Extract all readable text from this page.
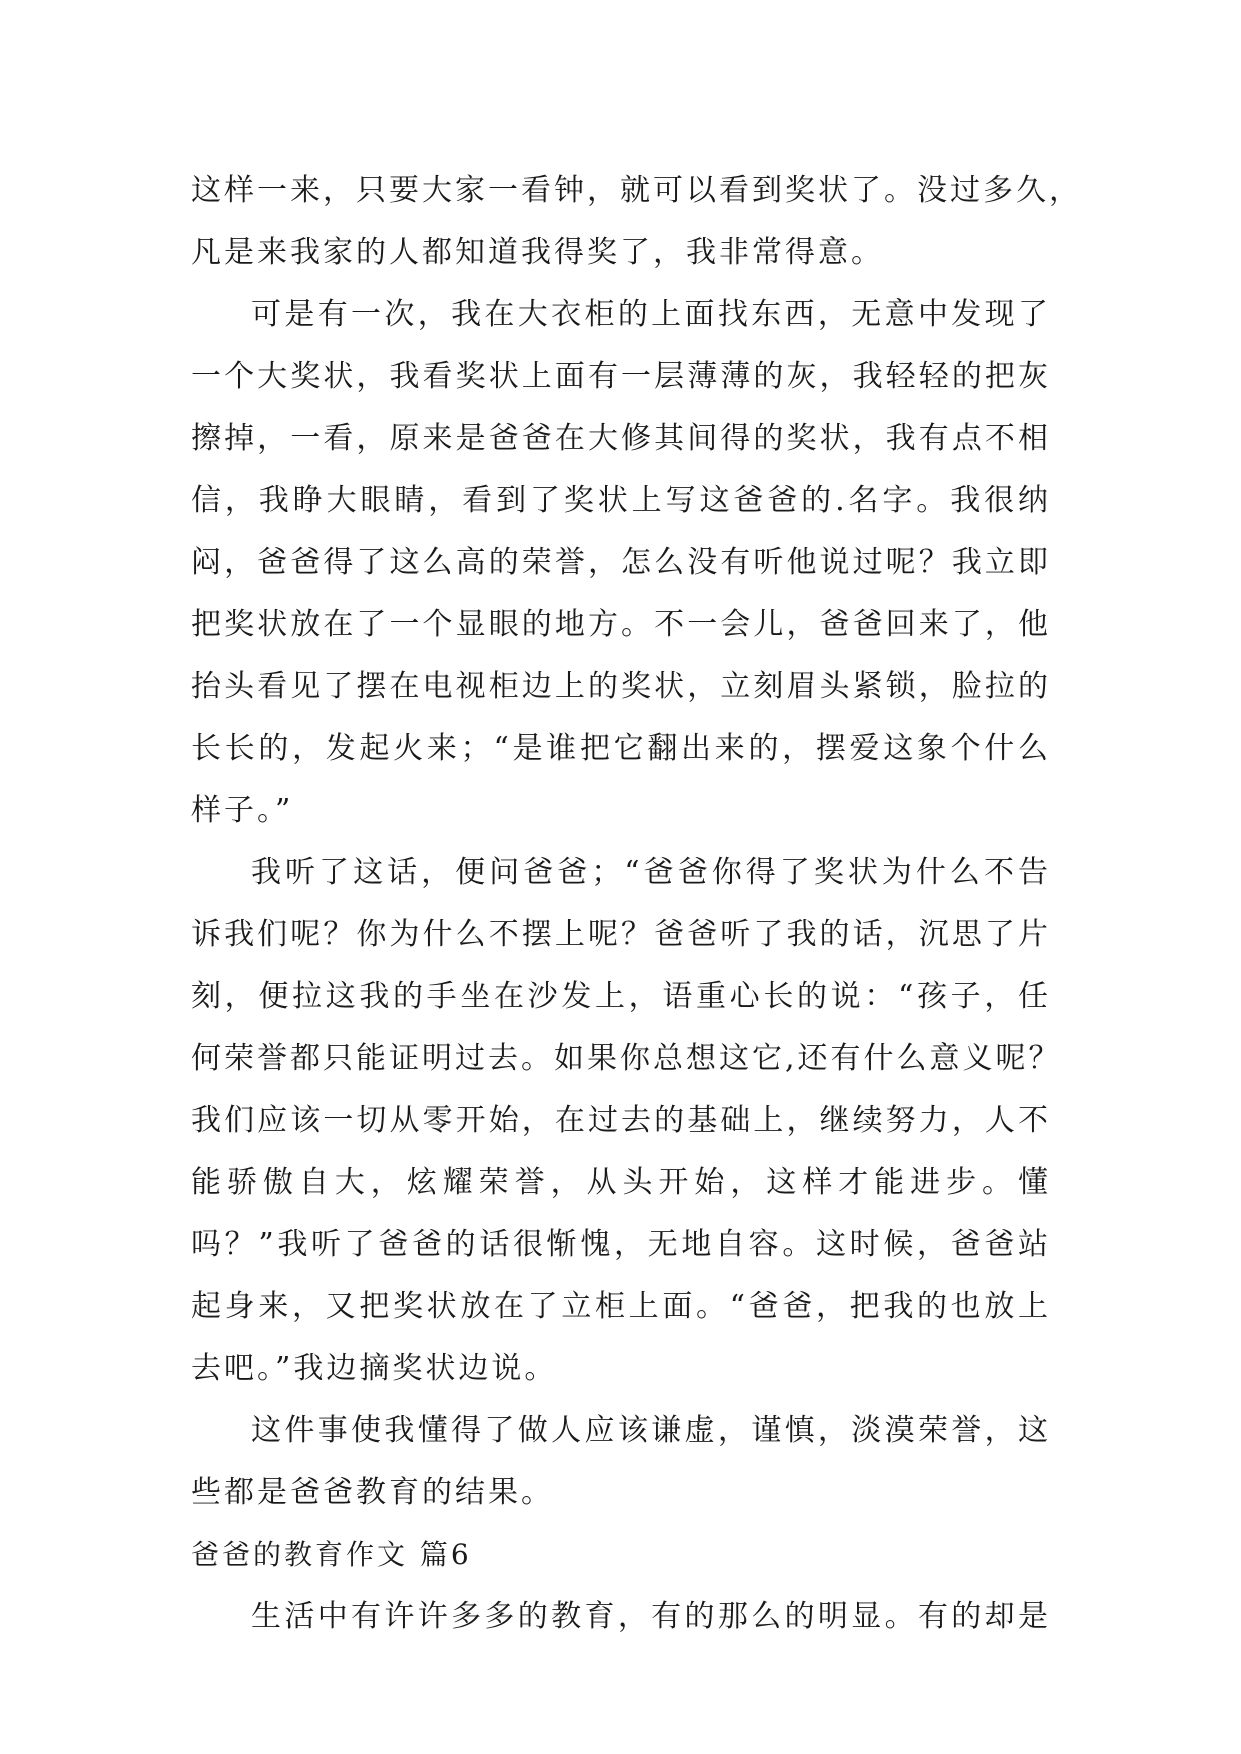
这样一来，只要大家一看钟，就可以看到奖状了。没过多久，
凡是来我家的人都知道我得奖了，我非常得意。
可是有一次，我在大衣柜的上面找东西，无意中发现了
一个大奖状，我看奖状上面有一层薄薄的灰，我轻轻的把灰
擦掉，一看，原来是爸爸在大修其间得的奖状，我有点不相
信，我睁大眼睛，看到了奖状上写这爸爸的.名字。我很纳
闷，爸爸得了这么高的荣誉，怎么没有听他说过呢？我立即
把奖状放在了一个显眼的地方。不一会儿，爸爸回来了，他
抬头看见了摆在电视柜边上的奖状，立刻眉头紧锁，脸拉的
长长的，发起火来；“是谁把它翻出来的，摆爱这象个什么
样子。”
我听了这话，便问爸爸；“爸爸你得了奖状为什么不告
诉我们呢？你为什么不摆上呢？爸爸听了我的话，沉思了片
刻，便拉这我的手坐在沙发上，语重心长的说：“孩子，任
何荣誉都只能证明过去。如果你总想这它,还有什么意义呢？
我们应该一切从零开始，在过去的基础上，继续努力，人不
能骄傲自大，炫耀荣誉，从头开始，这样才能进步。懂
吗？”我听了爸爸的话很惭愧，无地自容。这时候，爸爸站
起身来，又把奖状放在了立柜上面。“爸爸，把我的也放上
去吧。”我边摘奖状边说。
这件事使我懂得了做人应该谦虚，谨慎，淡漠荣誉，这
些都是爸爸教育的结果。
爸爸的教育作文 篇6
生活中有许许多多的教育，有的那么的明显。有的却是
